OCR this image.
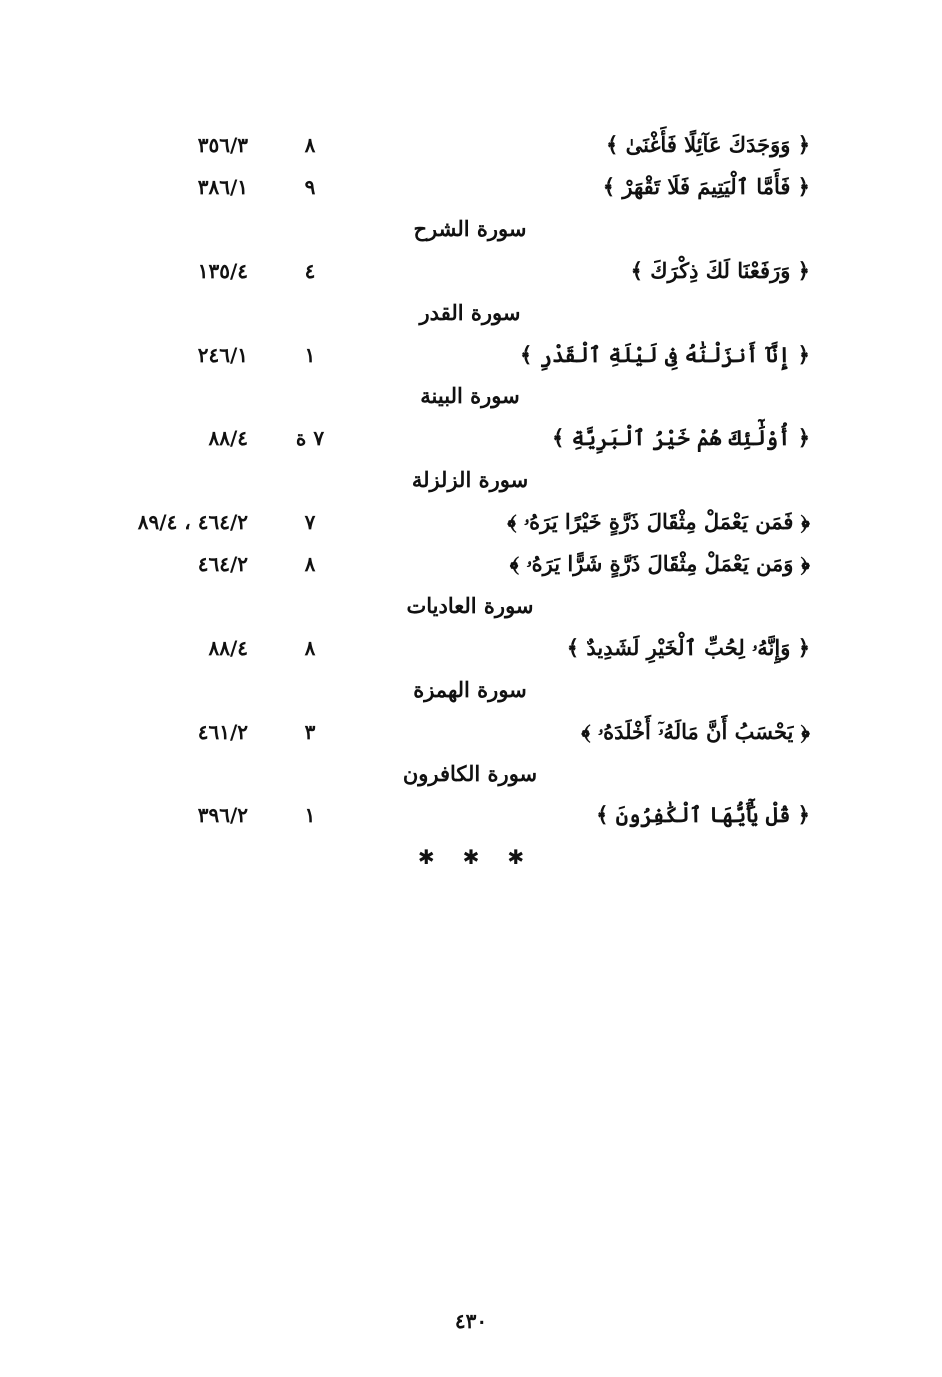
﴿ وَوَجَدَكَ عَآئِلًا فَأَغْنَىٰ ﴾
٨
٣٥٦/٣
﴿ فَأَمَّا ٱلْيَتِيمَ فَلَا تَقْهَرْ ﴾
٩
٣٨٦/١
سورة الشرح
﴿ وَرَفَعْنَا لَكَ ذِكْرَكَ ﴾
٤
١٣٥/٤
سورة القدر
﴿ إِنَّآ أَنزَلْنَٰهُ فِى لَيْلَةِ ٱلْقَدْرِ ﴾
١
٢٤٦/١
سورة البينة
﴿ أُوْلَٰٓئِكَ هُمْ خَيْرُ ٱلْبَرِيَّةِ ﴾
٧ ة
٨٨/٤
سورة الزلزلة
﴿ فَمَن يَعْمَلْ مِثْقَالَ ذَرَّةٍ خَيْرًا يَرَهُۥ ﴾
٧
٤٦٤/٢ ، ٨٩/٤
﴿ وَمَن يَعْمَلْ مِثْقَالَ ذَرَّةٍ شَرًّا يَرَهُۥ ﴾
٨
٤٦٤/٢
سورة العاديات
﴿ وَإِنَّهُۥ لِحُبِّ ٱلْخَيْرِ لَشَدِيدٌ ﴾
٨
٨٨/٤
سورة الهمزة
﴿ يَحْسَبُ أَنَّ مَالَهُۥٓ أَخْلَدَهُۥ ﴾
٣
٤٦١/٢
سورة الكافرون
﴿ قُلْ يَٰٓأَيُّهَا ٱلْكَٰفِرُونَ ﴾
١
٣٩٦/٢
✱ ✱ ✱
٤٣٠
